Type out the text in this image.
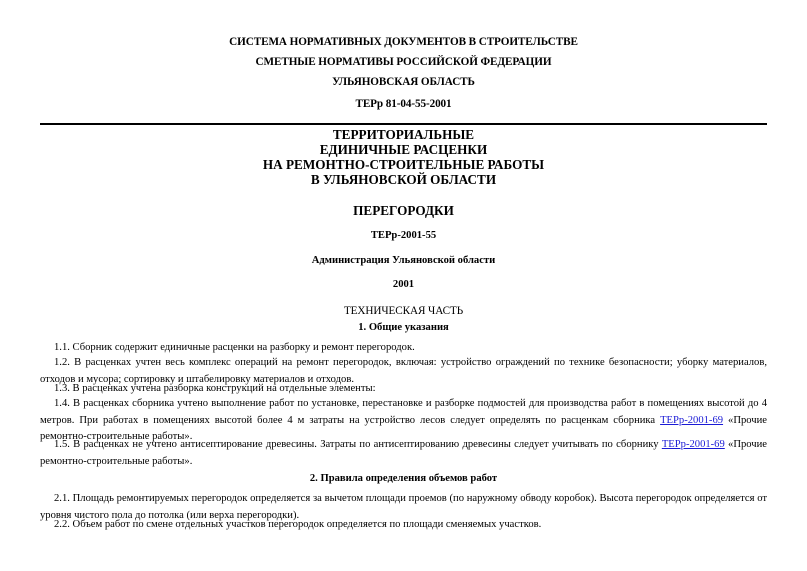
СИСТЕМА НОРМАТИВНЫХ ДОКУМЕНТОВ В СТРОИТЕЛЬСТВЕ
СМЕТНЫЕ НОРМАТИВЫ РОССИЙСКОЙ ФЕДЕРАЦИИ
УЛЬЯНОВСКАЯ ОБЛАСТЬ
ТЕРр 81-04-55-2001
ТЕРРИТОРИАЛЬНЫЕ
ЕДИНИЧНЫЕ РАСЦЕНКИ
НА РЕМОНТНО-СТРОИТЕЛЬНЫЕ РАБОТЫ
В УЛЬЯНОВСКОЙ ОБЛАСТИ
ПЕРЕГОРОДКИ
ТЕРр-2001-55
Администрация Ульяновской области
2001
ТЕХНИЧЕСКАЯ ЧАСТЬ
1. Общие указания
1.1. Сборник содержит единичные расценки на разборку и ремонт перегородок.
1.2. В расценках учтен весь комплекс операций на ремонт перегородок, включая: устройство ограждений по технике безопасности; уборку материалов, отходов и мусора; сортировку и штабелировку материалов и отходов.
1.3. В расценках учтена разборка конструкций на отдельные элементы:
1.4. В расценках сборника учтено выполнение работ по установке, перестановке и разборке подмостей для производства работ в помещениях высотой до 4 метров. При работах в помещениях высотой более 4 м затраты на устройство лесов следует определять по расценкам сборника ТЕРр-2001-69 «Прочие ремонтно-строительные работы».
1.5. В расценках не учтено антисептирование древесины. Затраты по антисептированию древесины следует учитывать по сборнику ТЕРр-2001-69 «Прочие ремонтно-строительные работы».
2. Правила определения объемов работ
2.1. Площадь ремонтируемых перегородок определяется за вычетом площади проемов (по наружному обводу коробок). Высота перегородок определяется от уровня чистого пола до потолка (или верха перегородки).
2.2. Объем работ по смене отдельных участков перегородок определяется по площади сменяемых участков.
